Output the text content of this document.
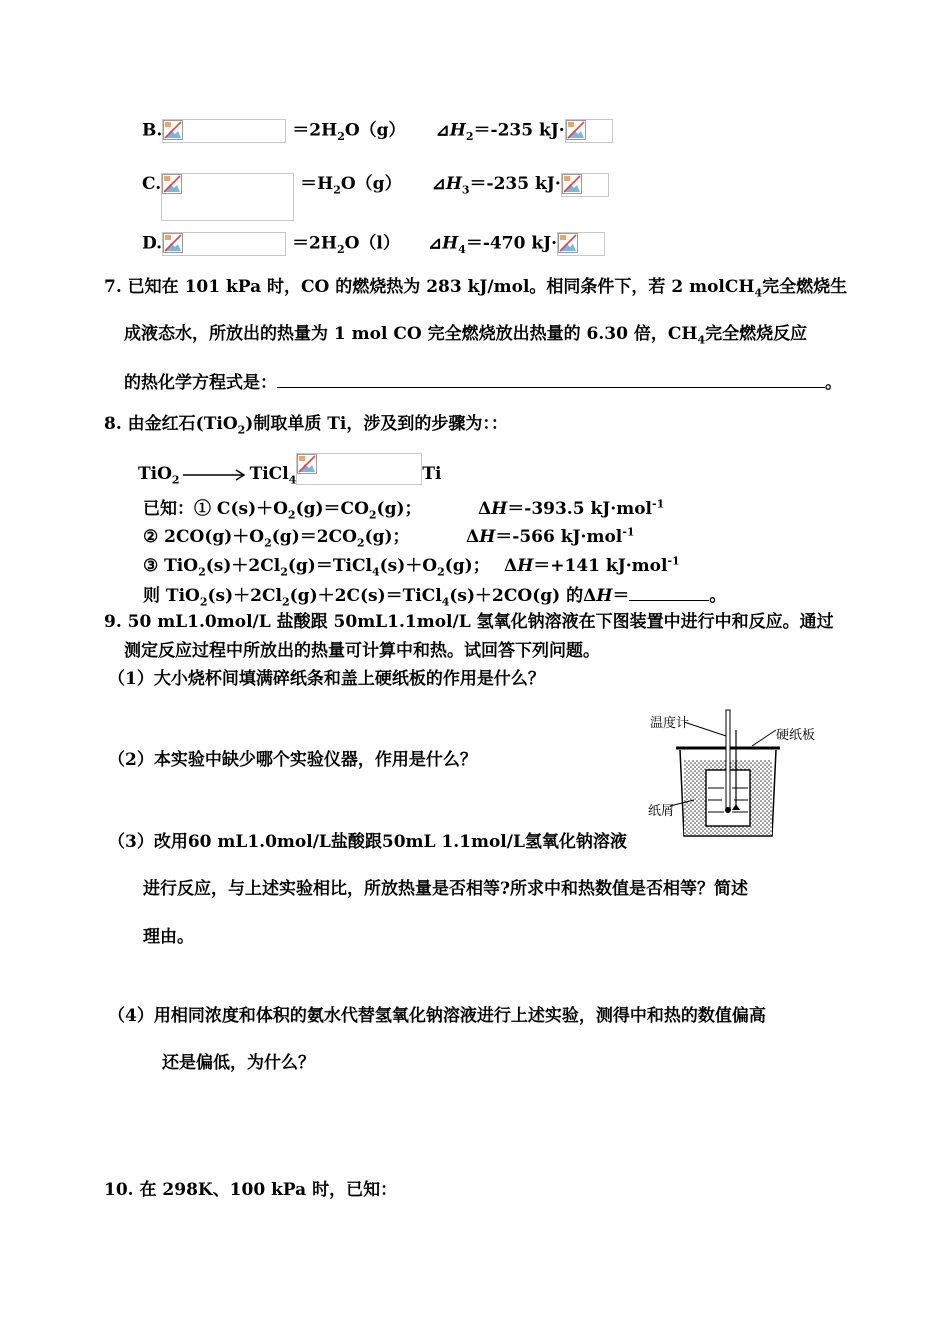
B.	$=2H_2O(g)$ $⊿H_2=-235$ kJ·
C.	$=H_2O(g)$ $⊿H_3=-235$ kJ·
D.	$=2H_2O(l)$ $⊿H_4=-470$ kJ·
7. 已知在 101 kPa 时，CO 的燃烧热为 283 kJ/mol。相同条件下，若 2 molCH$_4$完全燃烧生
成液态水，所放出的热量为 1 mol CO 完全燃烧放出热量的 6.30 倍，$CH_4$完全燃烧反应
的热化学方程式是：	。
8. 由金红石(TiO$_2$)制取单质 Ti，涉及到的步骤为：：
TiO$_2$	TiCl$_4$	Ti
已知：① $C(s)+O_2(g)=CO_2(g)$；	ΔH＝-393.5 kJ·mol$^{-1}$
② $2CO(g)+O_2(g)=2CO_2(g)$；	ΔH＝-566 kJ·mol$^{-1}$
③ $TiO_2(s)+2Cl_2(g)=TiCl_4(s)+O_2(g)$； ΔH＝+141 kJ·mol$^{-1}$
则 $TiO_2(s)+2Cl_2(g)+2C(s)=TiCl_4(s)+2CO(g)$ 的ΔH＝	。
9. 50 mL1.0mol/L 盐酸跟 50mL1.1mol/L 氢氧化钠溶液在下图装置中进行中和反应。通过
测定反应过程中所放出的热量可计算中和热。试回答下列问题。
（1）大小烧杯间填满碎纸条和盖上硬纸板的作用是什么？
（2）本实验中缺少哪个实验仪器，作用是什么？
（3）改用60 mL1.0mol/L盐酸跟50mL 1.1mol/L氢氧化钠溶液
进行反应，与上述实验相比，所放热量是否相等?所求中和热数值是否相等？简述
理由。
（4）用相同浓度和体积的氨水代替氢氧化钠溶液进行上述实验，测得中和热的数值偏高
还是偏低，为什么？
温度计
硬纸板
纸屑
10. 在 298K、100 kPa 时，已知：
